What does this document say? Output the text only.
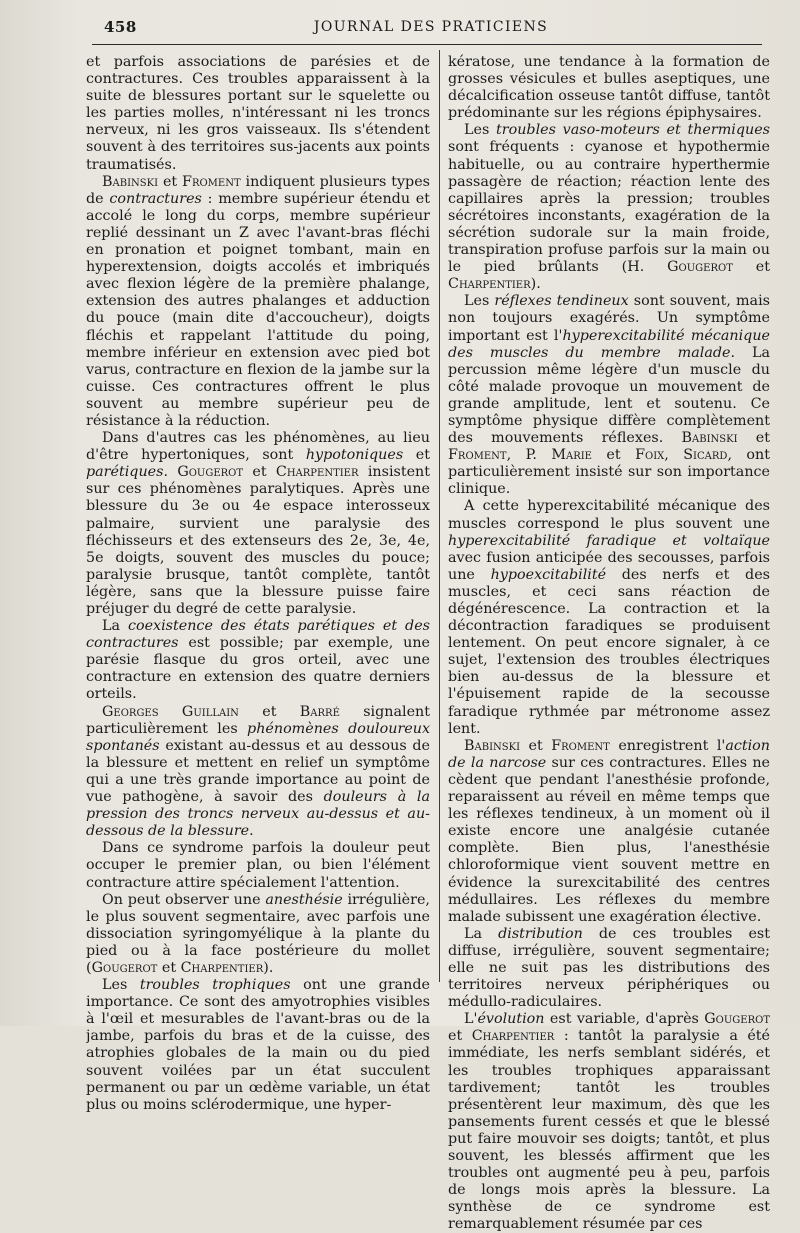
458	JOURNAL DES PRATICIENS

et parfois associations de parésies et de contractures. Ces troubles apparaissent à la suite de blessures portant sur le squelette ou les parties molles, n'intéressant ni les troncs nerveux, ni les gros vaisseaux. Ils s'étendent souvent à des territoires sus-jacents aux points traumatisés.

Babinski et Froment indiquent plusieurs types de contractures : membre supérieur étendu et accolé le long du corps, membre supérieur replié dessinant un Z avec l'avant-bras fléchi en pronation et poignet tombant, main en hyperextension, doigts accolés et imbriqués avec flexion légère de la première phalange, extension des autres phalanges et adduction du pouce (main dite d'accoucheur), doigts fléchis et rappelant l'attitude du poing, membre inférieur en extension avec pied bot varus, contracture en flexion de la jambe sur la cuisse. Ces contractures offrent le plus souvent au membre supérieur peu de résistance à la réduction.

Dans d'autres cas les phénomènes, au lieu d'être hypertoniques, sont hypotoniques et parétiques. Gougerot et Charpentier insistent sur ces phénomènes paralytiques. Après une blessure du 3e ou 4e espace interosseux palmaire, survient une paralysie des fléchisseurs et des extenseurs des 2e, 3e, 4e, 5e doigts, souvent des muscles du pouce; paralysie brusque, tantôt complète, tantôt légère, sans que la blessure puisse faire préjuger du degré de cette paralysie.

La coexistence des états parétiques et des contractures est possible; par exemple, une parésie flasque du gros orteil, avec une contracture en extension des quatre derniers orteils.

Georges Guillain et Barré signalent particulièrement les phénomènes douloureux spontanés existant au-dessus et au dessous de la blessure et mettent en relief un symptôme qui a une très grande importance au point de vue pathogène, à savoir des douleurs à la pression des troncs nerveux au-dessus et au-dessous de la blessure.

Dans ce syndrome parfois la douleur peut occuper le premier plan, ou bien l'élément contracture attire spécialement l'attention.

On peut observer une anesthésie irrégulière, le plus souvent segmentaire, avec parfois une dissociation syringomyélique à la plante du pied ou à la face postérieure du mollet (Gougerot et Charpentier).

Les troubles trophiques ont une grande importance. Ce sont des amyotrophies visibles à l'œil et mesurables de l'avant-bras ou de la jambe, parfois du bras et de la cuisse, des atrophies globales de la main ou du pied souvent voilées par un état succulent permanent ou par un œdème variable, un état plus ou moins sclérodermique, une hyper-

kératose, une tendance à la formation de grosses vésicules et bulles aseptiques, une décalcification osseuse tantôt diffuse, tantôt prédominante sur les régions épiphysaires.

Les troubles vaso-moteurs et thermiques sont fréquents : cyanose et hypothermie habituelle, ou au contraire hyperthermie passagère de réaction; réaction lente des capillaires après la pression; troubles sécrétoires inconstants, exagération de la sécrétion sudorale sur la main froide, transpiration profuse parfois sur la main ou le pied brûlants (H. Gougerot et Charpentier).

Les réflexes tendineux sont souvent, mais non toujours exagérés. Un symptôme important est l'hyperexcitabilité mécanique des muscles du membre malade. La percussion même légère d'un muscle du côté malade provoque un mouvement de grande amplitude, lent et soutenu. Ce symptôme physique diffère complètement des mouvements réflexes. Babinski et Froment, P. Marie et Foix, Sicard, ont particulièrement insisté sur son importance clinique.

A cette hyperexcitabilité mécanique des muscles correspond le plus souvent une hyperexcitabilité faradique et voltaïque avec fusion anticipée des secousses, parfois une hypoexcitabilité des nerfs et des muscles, et ceci sans réaction de dégénérescence. La contraction et la décontraction faradiques se produisent lentement. On peut encore signaler, à ce sujet, l'extension des troubles électriques bien au-dessus de la blessure et l'épuisement rapide de la secousse faradique rythmée par métronome assez lent.

Babinski et Froment enregistrent l'action de la narcose sur ces contractures. Elles ne cèdent que pendant l'anesthésie profonde, reparaissent au réveil en même temps que les réflexes tendineux, à un moment où il existe encore une analgésie cutanée complète. Bien plus, l'anesthésie chloroformique vient souvent mettre en évidence la surexcitabilité des centres médullaires. Les réflexes du membre malade subissent une exagération élective.

La distribution de ces troubles est diffuse, irrégulière, souvent segmentaire; elle ne suit pas les distributions des territoires nerveux périphériques ou médullo-radiculaires.

L'évolution est variable, d'après Gougerot et Charpentier : tantôt la paralysie a été immédiate, les nerfs semblant sidérés, et les troubles trophiques apparaissant tardivement; tantôt les troubles présentèrent leur maximum, dès que les pansements furent cessés et que le blessé put faire mouvoir ses doigts; tantôt, et plus souvent, les blessés affirment que les troubles ont augmenté peu à peu, parfois de longs mois après la blessure. La synthèse de ce syndrome est remarquablement résumée par ces
